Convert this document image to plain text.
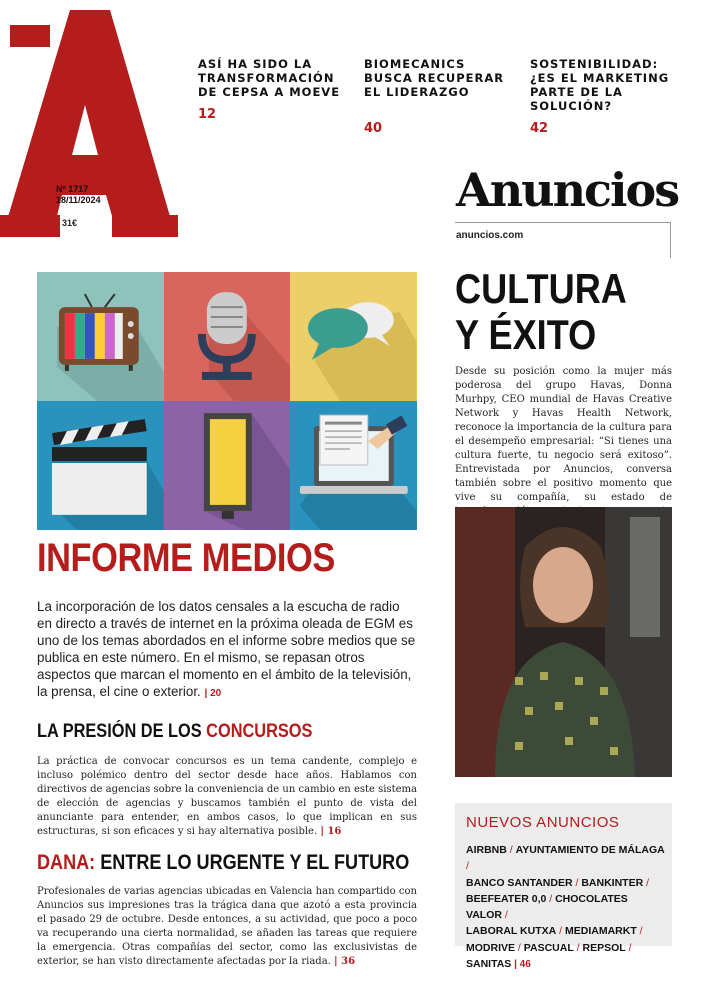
Nº 1717
18/11/2024
31€
ASÍ HA SIDO LA TRANSFORMACIÓN DE CEPSA A MOEVE
12
BIOMECANICS BUSCA RECUPERAR EL LIDERAZGO
40
SOSTENIBILIDAD: ¿ES EL MARKETING PARTE DE LA SOLUCIÓN?
42
Anuncios
anuncios.com
INFORME MEDIOS
La incorporación de los datos censales a la escucha de radio en directo a través de internet en la próxima oleada de EGM es uno de los temas abordados en el informe sobre medios que se publica en este número. En el mismo, se repasan otros aspectos que marcan el momento en el ámbito de la televisión, la prensa, el cine o exterior. | 20
LA PRESIÓN DE LOS CONCURSOS
La práctica de convocar concursos es un tema candente, complejo e incluso polémico dentro del sector desde hace años. Hablamos con directivos de agencias sobre la conveniencia de un cambio en este sistema de elección de agencias y buscamos también el punto de vista del anunciante para entender, en ambos casos, lo que implican en sus estructuras, si son eficaces y si hay alternativa posible. | 16
DANA: ENTRE LO URGENTE Y EL FUTURO
Profesionales de varias agencias ubicadas en Valencia han compartido con Anuncios sus impresiones tras la trágica dana que azotó a esta provincia el pasado 29 de octubre. Desde entonces, a su actividad, que poco a poco va recuperando una cierta normalidad, se añaden las tareas que requiere la emergencia. Otras compañías del sector, como las exclusivistas de exterior, se han visto directamente afectadas por la riada. | 36
CULTURA
Y ÉXITO
Desde su posición como la mujer más poderosa del grupo Havas, Donna Murhpy, CEO mundial de Havas Creative Network y Havas Health Network, reconoce la importancia de la cultura para el desempeño empresarial: “Si tienes una cultura fuerte, tu negocio será exitoso”. Entrevistada por Anuncios, conversa también sobre el positivo momento que vive su compañía, su estado de
NUEVOS ANUNCIOS
AIRBNB / AYUNTAMIENTO DE MÁLAGA /
BANCO SANTANDER / BANKINTER /
BEEFEATER 0,0 / CHOCOLATES VALOR /
LABORAL KUTXA / MEDIAMARKT /
MODRIVE / PASCUAL / REPSOL /
SANITAS | 46
